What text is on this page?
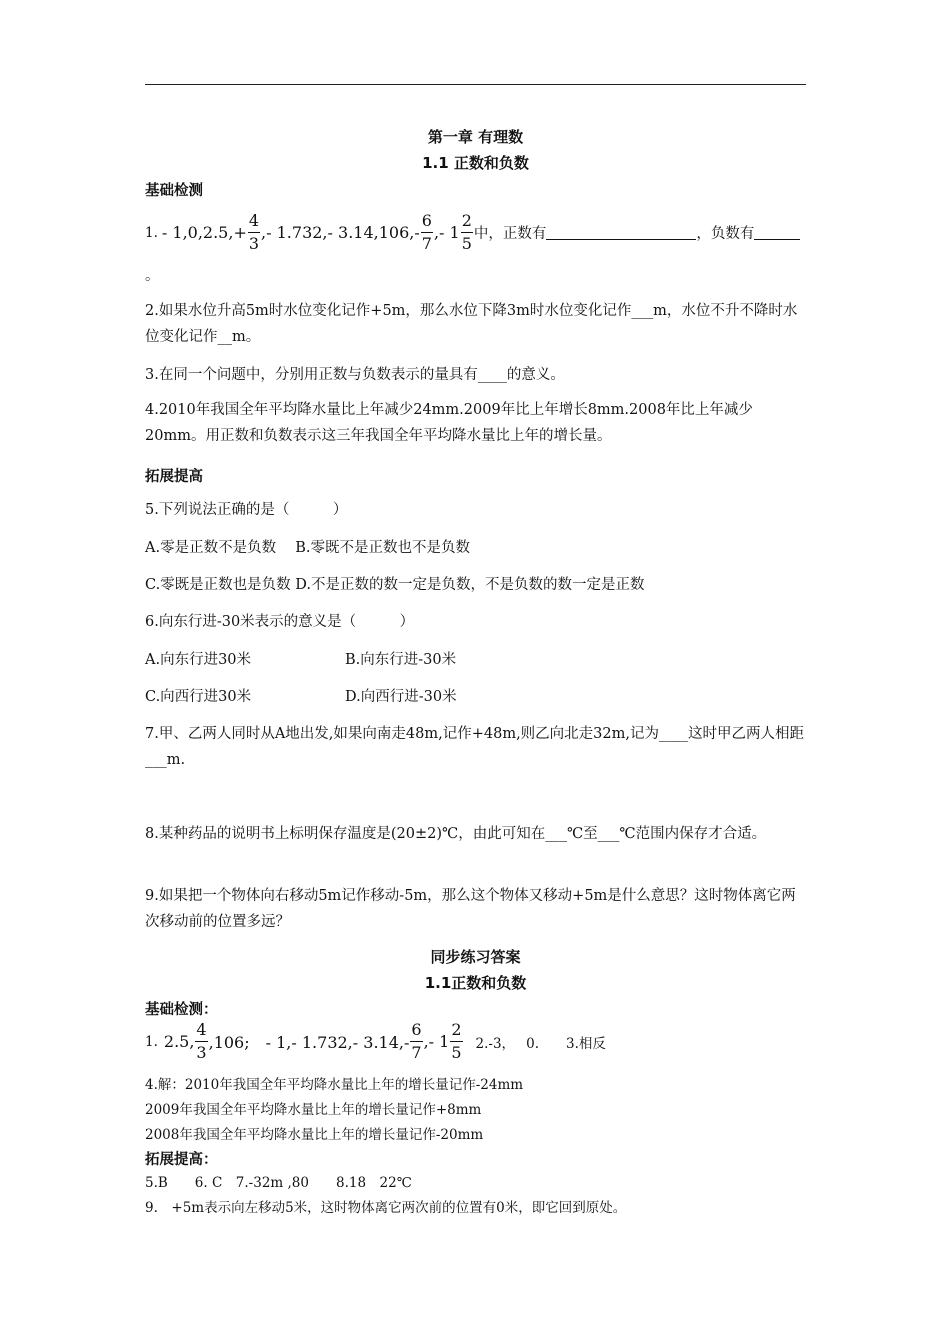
第一章 有理数
1.1 正数和负数
基础检测
1. - $1,0,2.5,+ \frac{4}{3}$ ,- 1.732,- $3.14,106,- \frac{6}{7}$ ,- $1 \frac{2}{5}$ 中，正数有	，负数有
。
2.如果水位升高5m时水位变化记作+5m，那么水位下降3m时水位变化记作___m，水位不升不降时水位变化记作__m。
3.在同一个问题中，分别用正数与负数表示的量具有____的意义。
4.2010年我国全年平均降水量比上年减少24mm.2009年比上年增长8mm.2008年比上年减少20mm。用正数和负数表示这三年我国全年平均降水量比上年的增长量。
拓展提高
5.下列说法正确的是（　　　）
A.零是正数不是负数　 B.零既不是正数也不是负数
C.零既是正数也是负数 D.不是正数的数一定是负数，不是负数的数一定是正数
6.向东行进-30米表示的意义是（　　　）
A.向东行进30米	B.向东行进-30米
C.向西行进30米	D.向西行进-30米
7.甲、乙两人同时从A地出发,如果向南走48m,记作+48m,则乙向北走32m,记为____这时甲乙两人相距___m.
8.某种药品的说明书上标明保存温度是(20±2)℃，由此可知在___℃至___℃范围内保存才合适。
9.如果把一个物体向右移动5m记作移动-5m，那么这个物体又移动+5m是什么意思？这时物体离它两次移动前的位置多远？
同步练习答案
1.1正数和负数
基础检测：
1. 2.5, $\frac{4}{3} ,106$;　- 1,- 1.732,- $3.14,- \frac{6}{7}$ ,- $1 \frac{2}{5} 2.-3$，　 0.　　3.相反
4.解：2010年我国全年平均降水量比上年的增长量记作-24mm
2009年我国全年平均降水量比上年的增长量记作+8mm
2008年我国全年平均降水量比上年的增长量记作-20mm
拓展提高：
5.B　　6. C　7.-32m ,80　　8.18　22℃
9.　+5m表示向左移动5米，这时物体离它两次前的位置有0米，即它回到原处。
